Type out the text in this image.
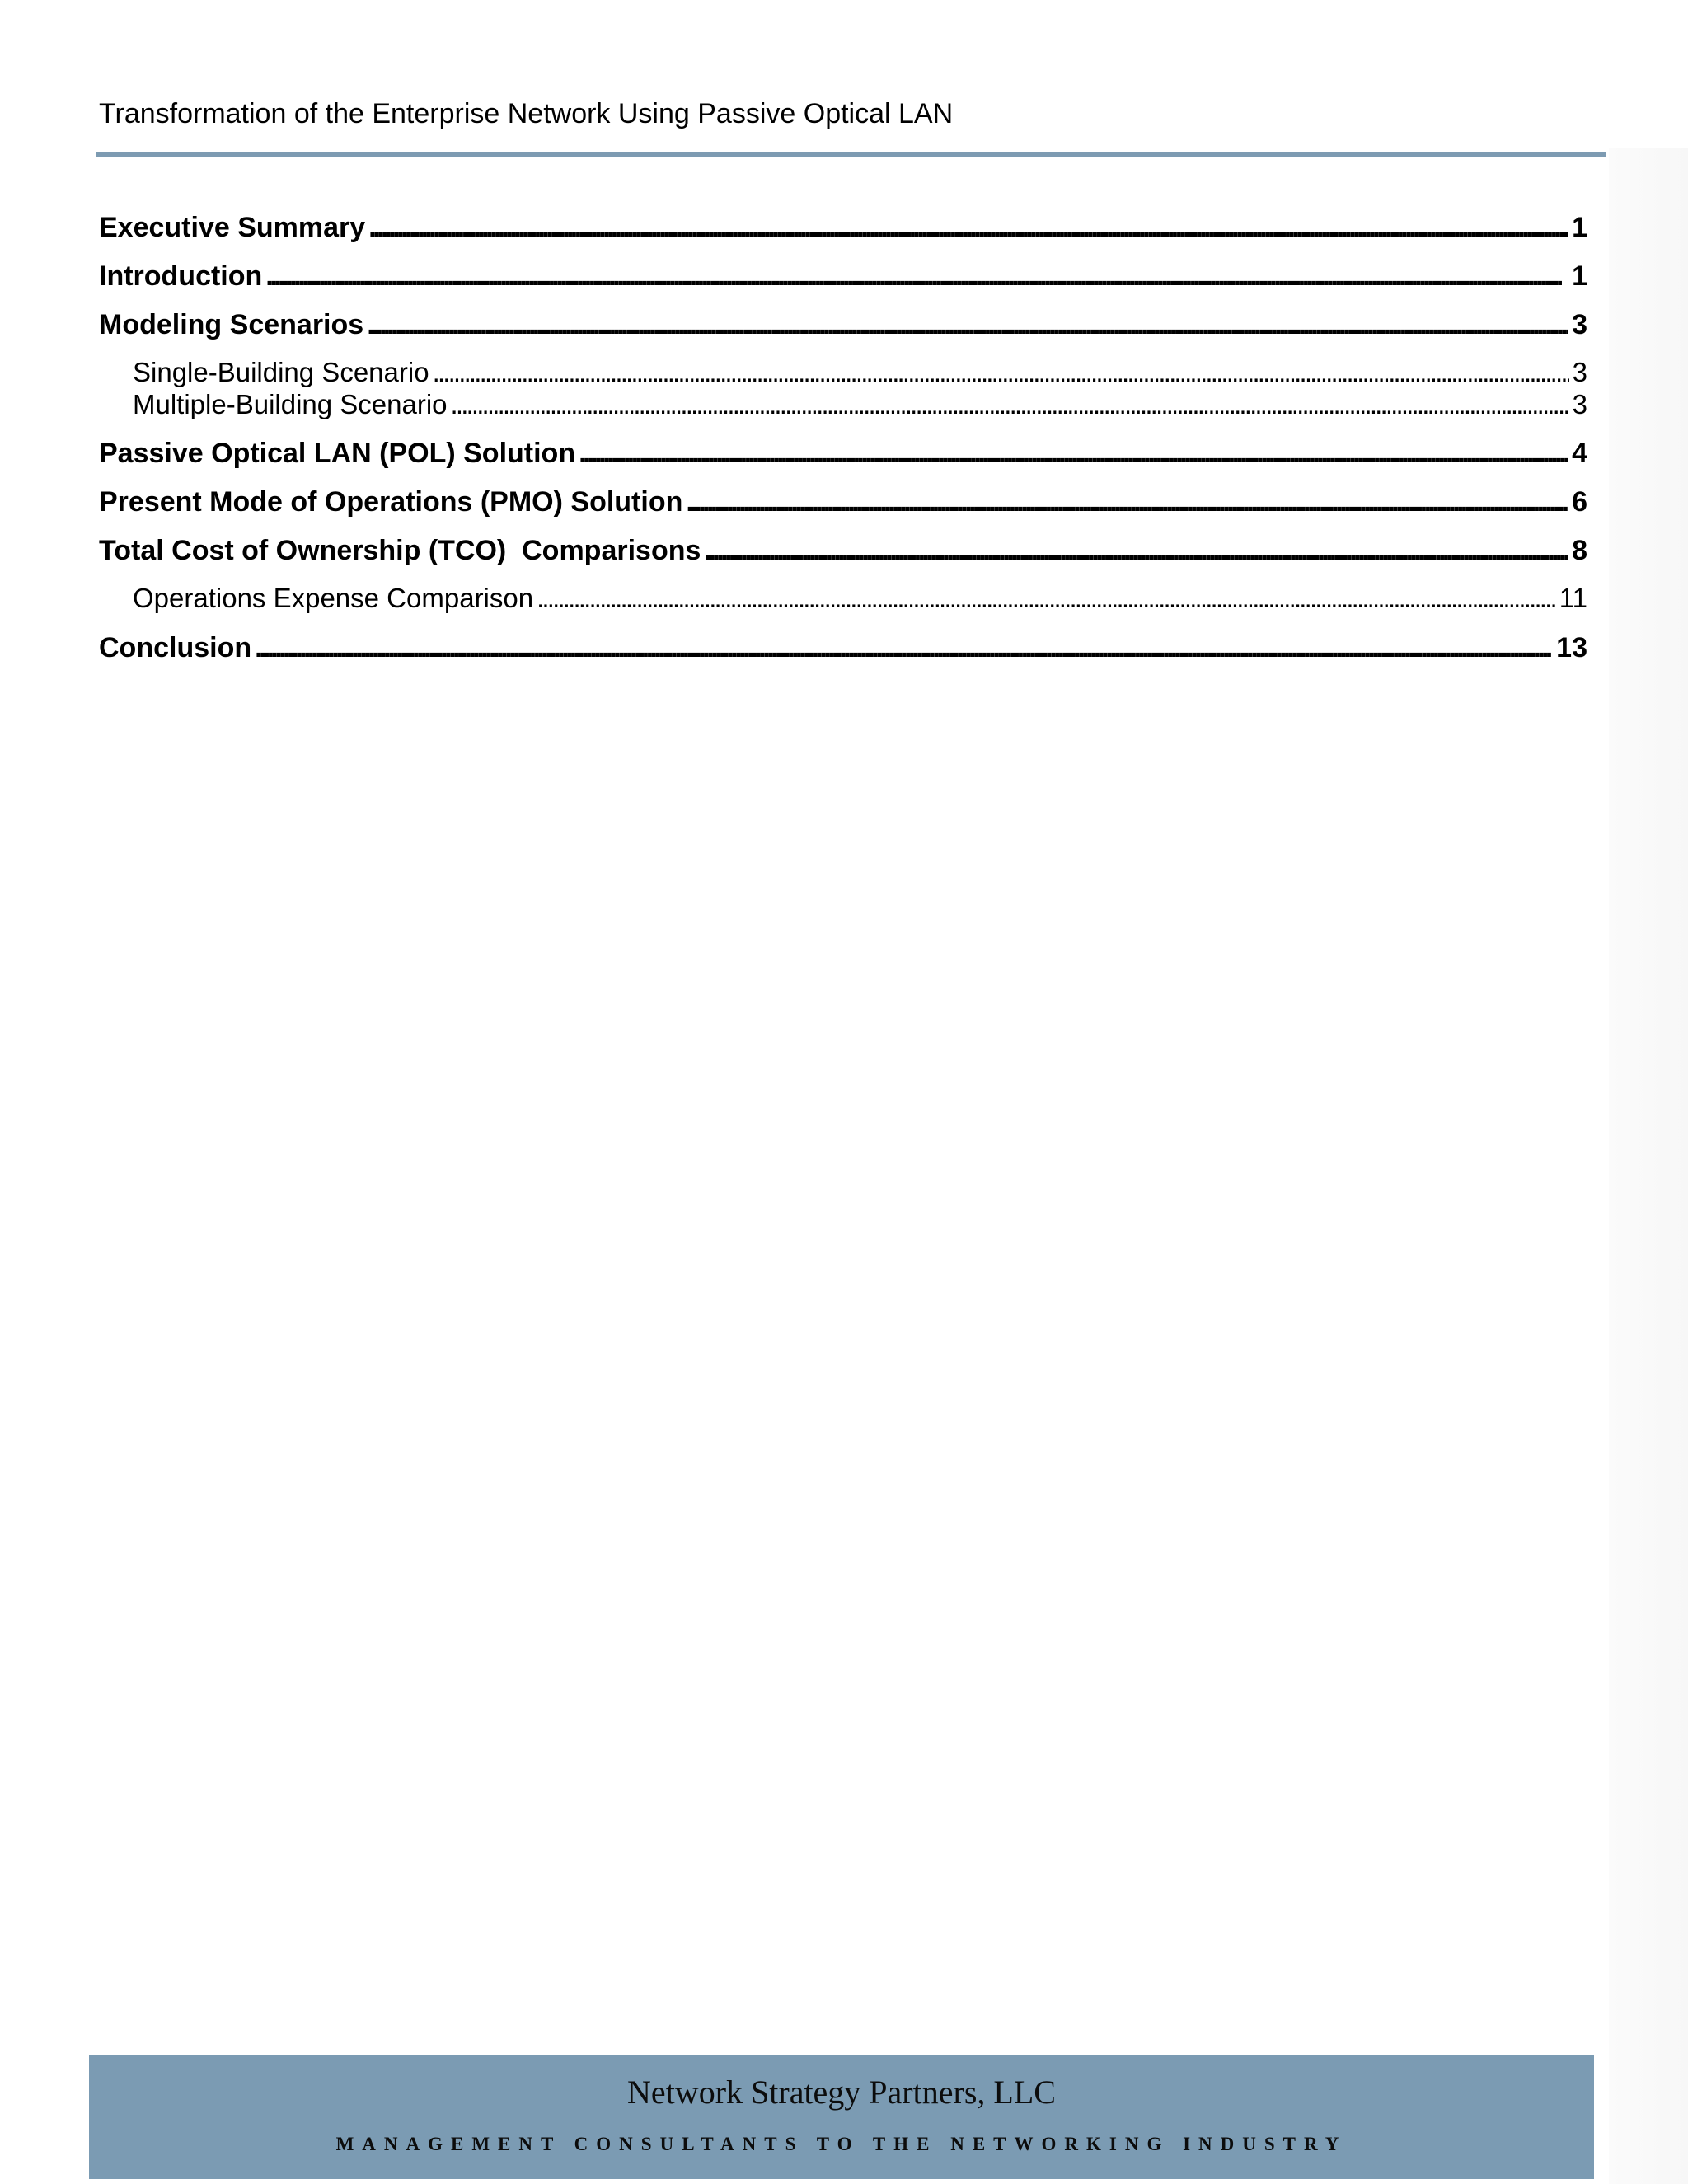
Transformation of the Enterprise Network Using Passive Optical LAN
Executive Summary . . .	1
Introduction . . .	1
Modeling Scenarios . . .	3
Single-Building Scenario . . .	3
Multiple-Building Scenario . . .	3
Passive Optical LAN (POL) Solution . . .	4
Present Mode of Operations (PMO) Solution . . .	6
Total Cost of Ownership (TCO)  Comparisons . . .	8
Operations Expense Comparison . . .	11
Conclusion . . .	13
Network Strategy Partners, LLC
MANAGEMENT CONSULTANTS TO THE NETWORKING INDUSTRY
